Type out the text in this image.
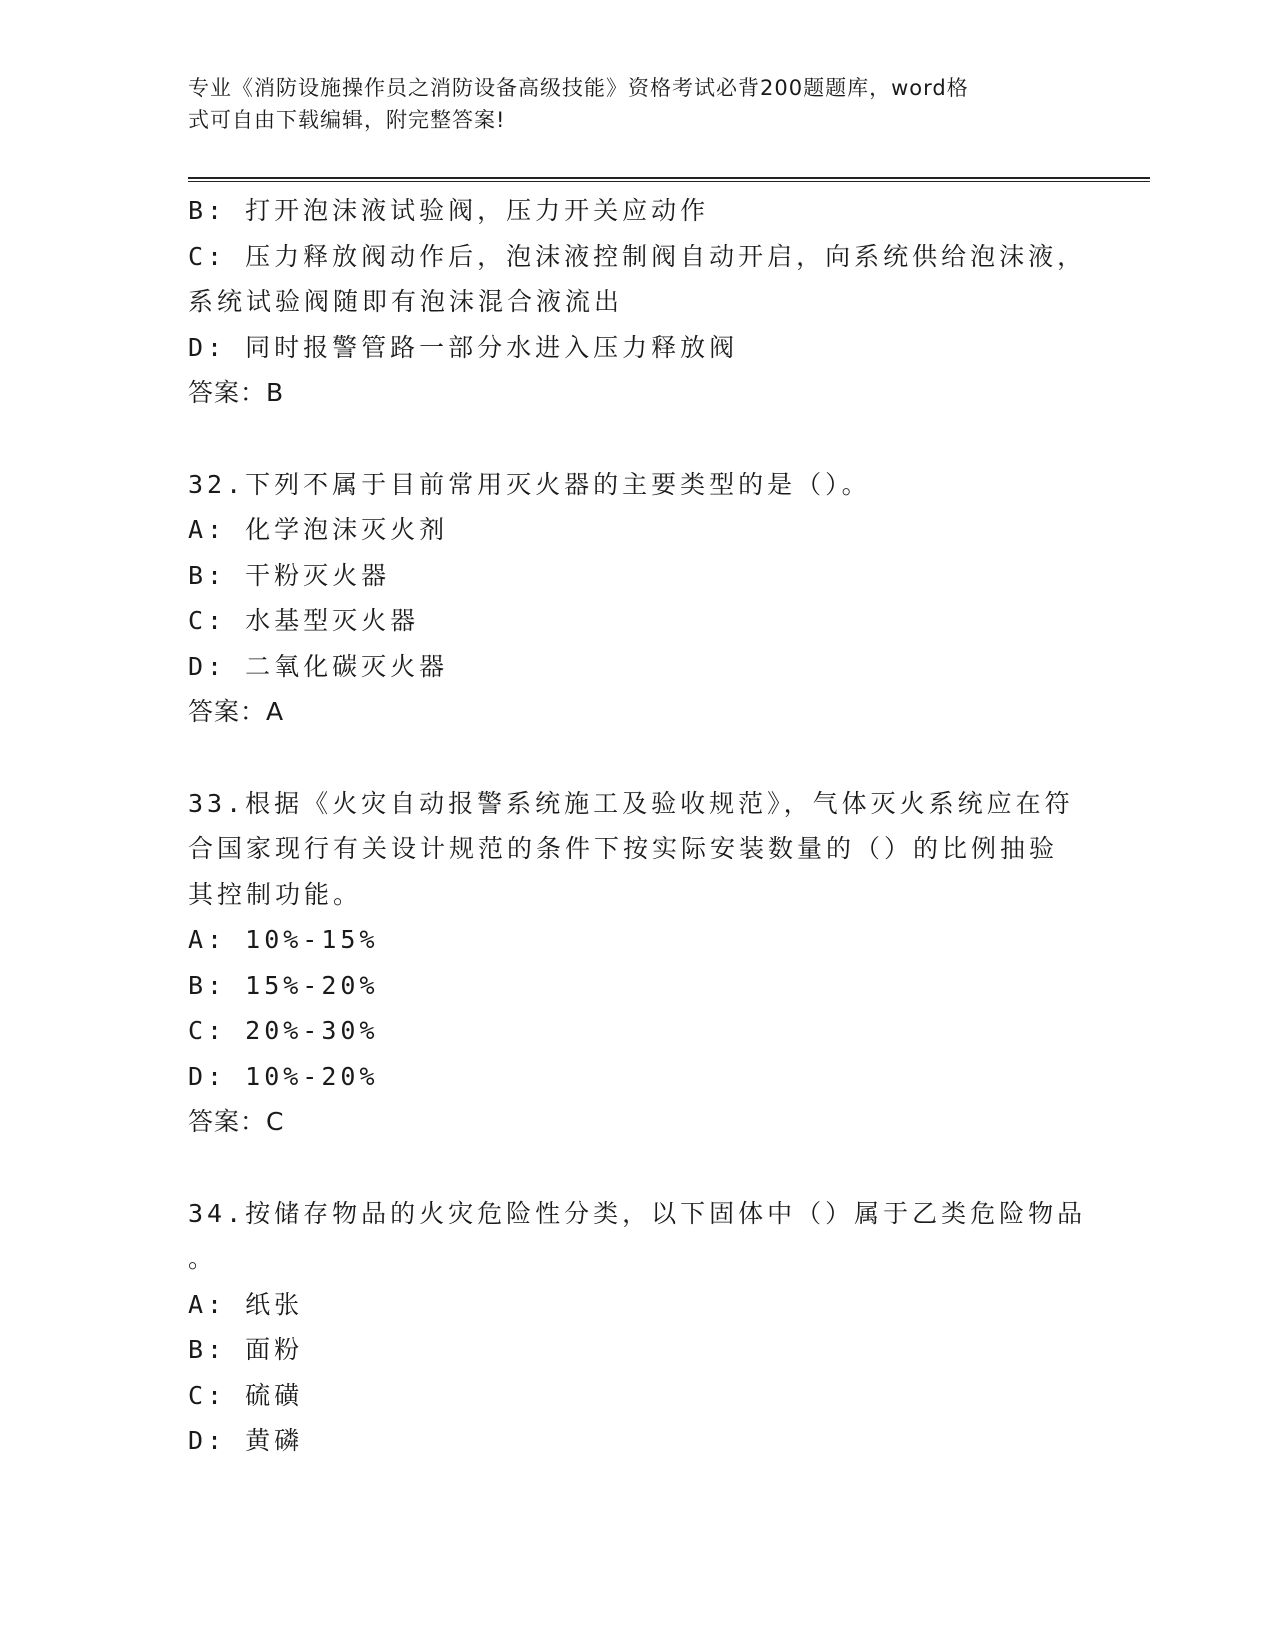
专业《消防设施操作员之消防设备高级技能》资格考试必背200题题库，word格
式可自由下载编辑，附完整答案!
B: 打开泡沫液试验阀，压力开关应动作
C: 压力释放阀动作后，泡沫液控制阀自动开启，向系统供给泡沫液，
系统试验阀随即有泡沫混合液流出
D: 同时报警管路一部分水进入压力释放阀
答案：B
32.下列不属于目前常用灭火器的主要类型的是（）。
A: 化学泡沫灭火剂
B: 干粉灭火器
C: 水基型灭火器
D: 二氧化碳灭火器
答案：A
33.根据《火灾自动报警系统施工及验收规范》，气体灭火系统应在符
合国家现行有关设计规范的条件下按实际安装数量的（）的比例抽验
其控制功能。
A: 10%-15%
B: 15%-20%
C: 20%-30%
D: 10%-20%
答案：C
34.按储存物品的火灾危险性分类，以下固体中（）属于乙类危险物品
。
A: 纸张
B: 面粉
C: 硫磺
D: 黄磷
